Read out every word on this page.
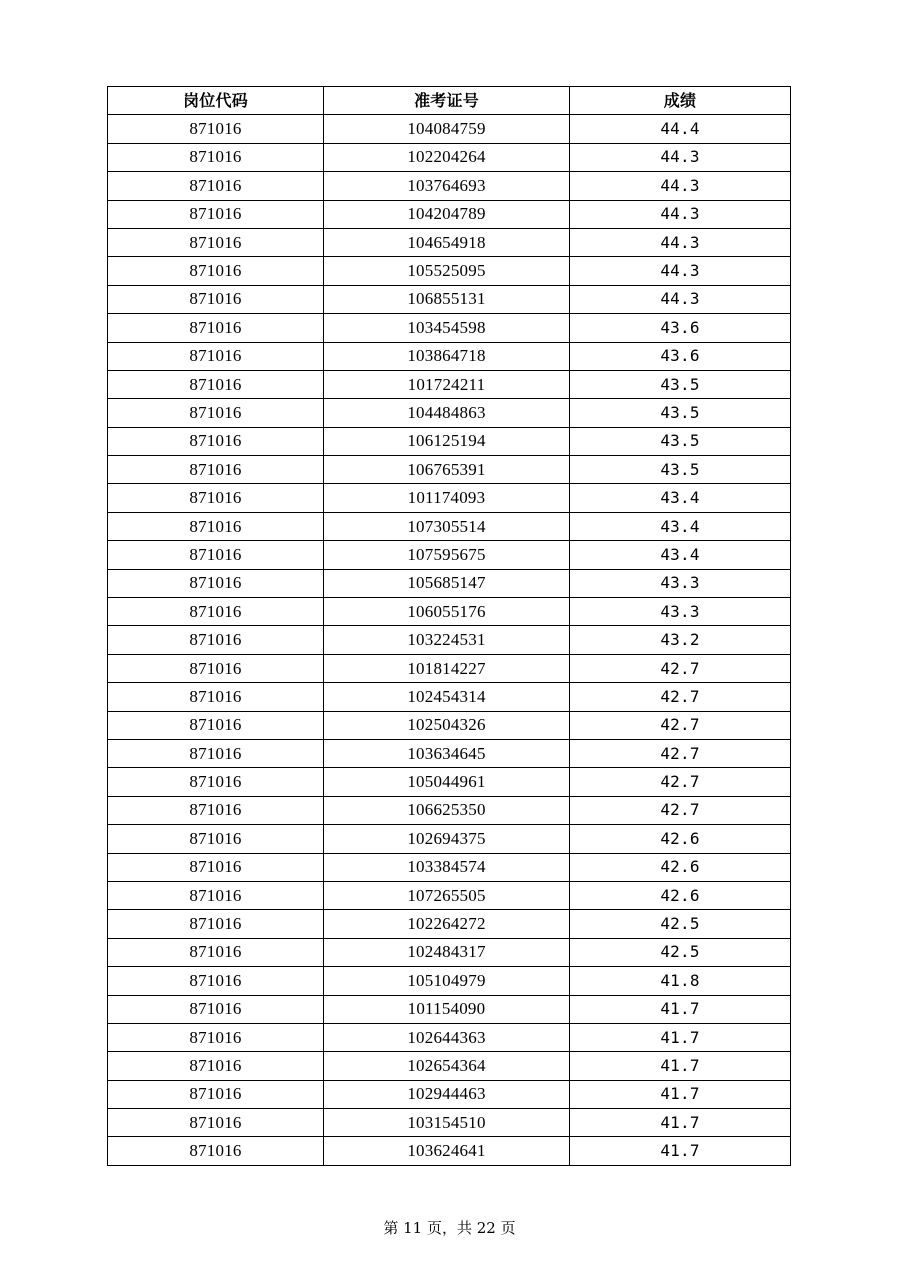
岗位代码	准考证号	成绩
871016	104084759	44.4
871016	102204264	44.3
871016	103764693	44.3
871016	104204789	44.3
871016	104654918	44.3
871016	105525095	44.3
871016	106855131	44.3
871016	103454598	43.6
871016	103864718	43.6
871016	101724211	43.5
871016	104484863	43.5
871016	106125194	43.5
871016	106765391	43.5
871016	101174093	43.4
871016	107305514	43.4
871016	107595675	43.4
871016	105685147	43.3
871016	106055176	43.3
871016	103224531	43.2
871016	101814227	42.7
871016	102454314	42.7
871016	102504326	42.7
871016	103634645	42.7
871016	105044961	42.7
871016	106625350	42.7
871016	102694375	42.6
871016	103384574	42.6
871016	107265505	42.6
871016	102264272	42.5
871016	102484317	42.5
871016	105104979	41.8
871016	101154090	41.7
871016	102644363	41.7
871016	102654364	41.7
871016	102944463	41.7
871016	103154510	41.7
871016	103624641	41.7
第 11 页，共 22 页
